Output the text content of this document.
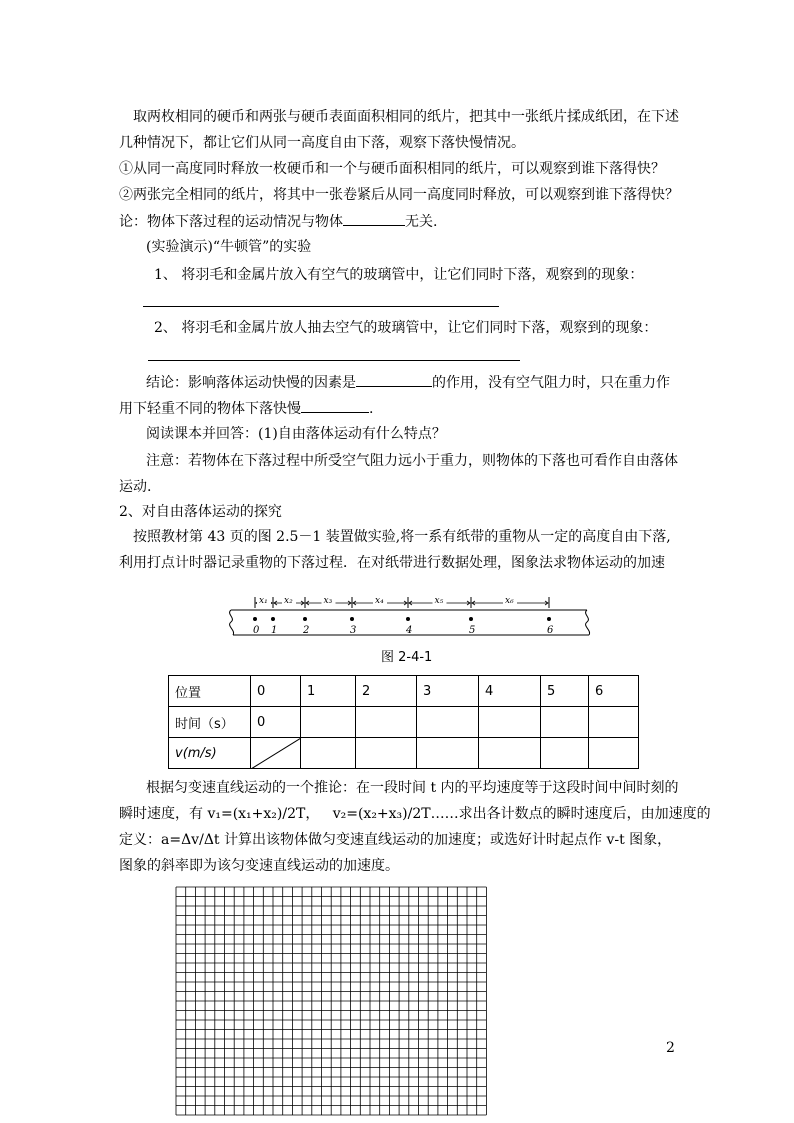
取两枚相同的硬币和两张与硬币表面面积相同的纸片，把其中一张纸片揉成纸团，在下述
几种情况下，都让它们从同一高度自由下落，观察下落快慢情况。
①从同一高度同时释放一枚硬币和一个与硬币面积相同的纸片，可以观察到谁下落得快？
②两张完全相同的纸片，将其中一张卷紧后从同一高度同时释放，可以观察到谁下落得快？
论：物体下落过程的运动情况与物体	无关.
(实验演示)“牛顿管”的实验
1、 将羽毛和金属片放入有空气的玻璃管中，让它们同时下落，观察到的现象：
2、 将羽毛和金属片放人抽去空气的玻璃管中，让它们同时下落，观察到的现象：
结论：影响落体运动快慢的因素是	的作用，没有空气阻力时，只在重力作
用下轻重不同的物体下落快慢	.
阅读课本并回答：(1)自由落体运动有什么特点？
注意：若物体在下落过程中所受空气阻力远小于重力，则物体的下落也可看作自由落体
运动.
2、对自由落体运动的探究
按照教材第 43 页的图 2.5－1 装置做实验,将一系有纸带的重物从一定的高度自由下落,
利用打点计时器记录重物的下落过程．在对纸带进行数据处理，图象法求物体运动的加速
0 1	2	3	4	5	6
x₁ x₂	x₃	x₄	x₅	x₆
图 2-4-1
位置	0	1	2	3	4	5	6
时间（s）	0						
v(m/s)	

根据匀变速直线运动的一个推论：在一段时间 t 内的平均速度等于这段时间中间时刻的
瞬时速度，有 v₁=(x₁+x₂)/2T， v₂=(x₂+x₃)/2T……求出各计数点的瞬时速度后，由加速度的
定义：a=Δv/Δt 计算出该物体做匀变速直线运动的加速度；或选好计时起点作 v-t 图象，
图象的斜率即为该匀变速直线运动的加速度。
2
